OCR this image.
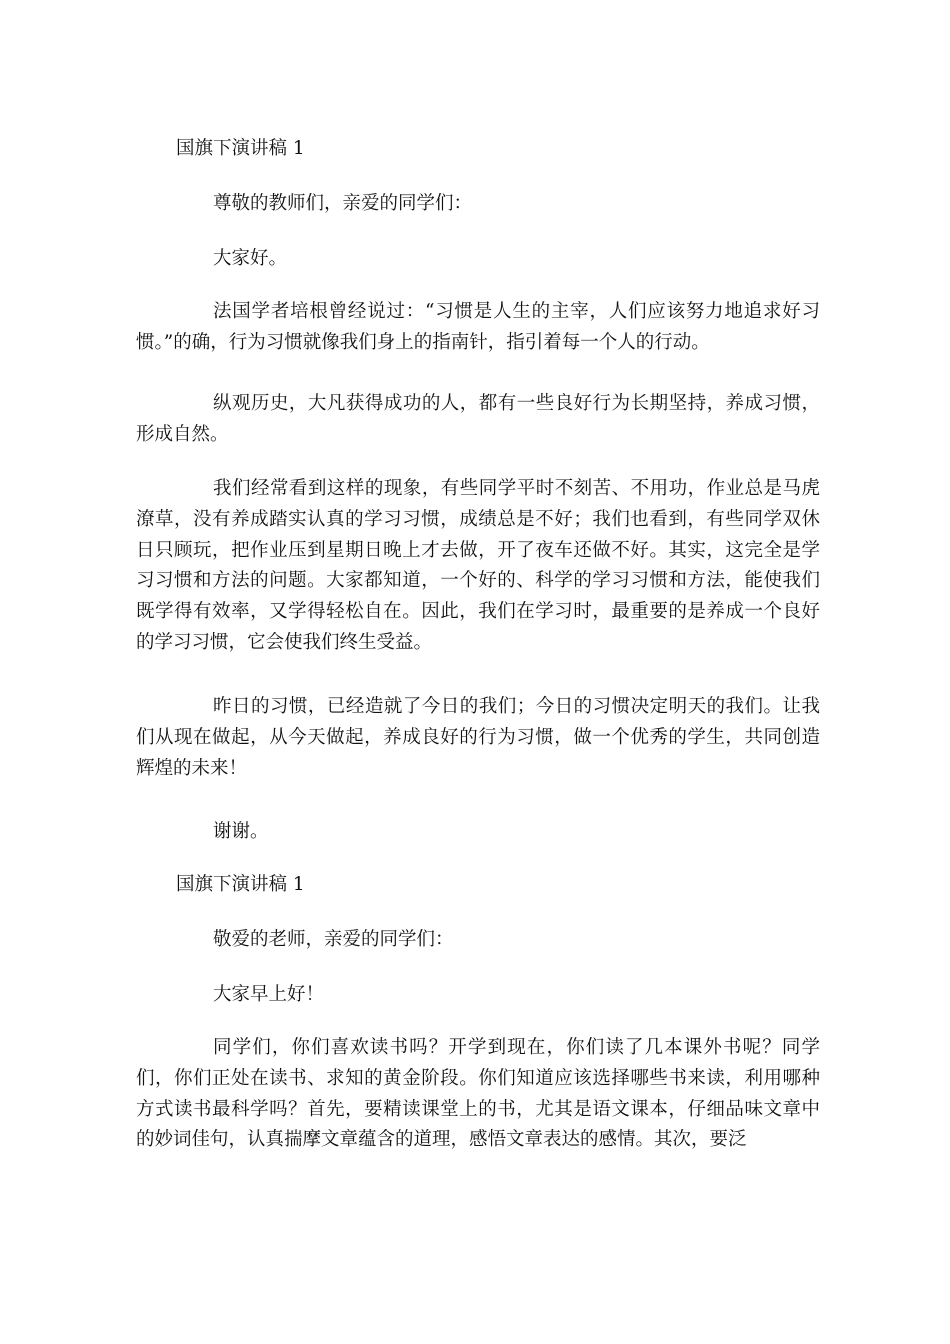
国旗下演讲稿 1
尊敬的教师们，亲爱的同学们：
大家好。
法国学者培根曾经说过：“习惯是人生的主宰，人们应该努力地追求好习惯。”的确，行为习惯就像我们身上的指南针，指引着每一个人的行动。
纵观历史，大凡获得成功的人，都有一些良好行为长期坚持，养成习惯，形成自然。
我们经常看到这样的现象，有些同学平时不刻苦、不用功，作业总是马虎潦草，没有养成踏实认真的学习习惯，成绩总是不好；我们也看到，有些同学双休日只顾玩，把作业压到星期日晚上才去做，开了夜车还做不好。其实，这完全是学习习惯和方法的问题。大家都知道，一个好的、科学的学习习惯和方法，能使我们既学得有效率，又学得轻松自在。因此，我们在学习时，最重要的是养成一个良好的学习习惯，它会使我们终生受益。
昨日的习惯，已经造就了今日的我们；今日的习惯决定明天的我们。让我们从现在做起，从今天做起，养成良好的行为习惯，做一个优秀的学生，共同创造辉煌的未来！
谢谢。
国旗下演讲稿 1
敬爱的老师，亲爱的同学们：
大家早上好！
同学们，你们喜欢读书吗？开学到现在，你们读了几本课外书呢？同学们，你们正处在读书、求知的黄金阶段。你们知道应该选择哪些书来读，利用哪种方式读书最科学吗？首先，要精读课堂上的书，尤其是语文课本，仔细品味文章中的妙词佳句，认真揣摩文章蕴含的道理，感悟文章表达的感情。其次，要泛
